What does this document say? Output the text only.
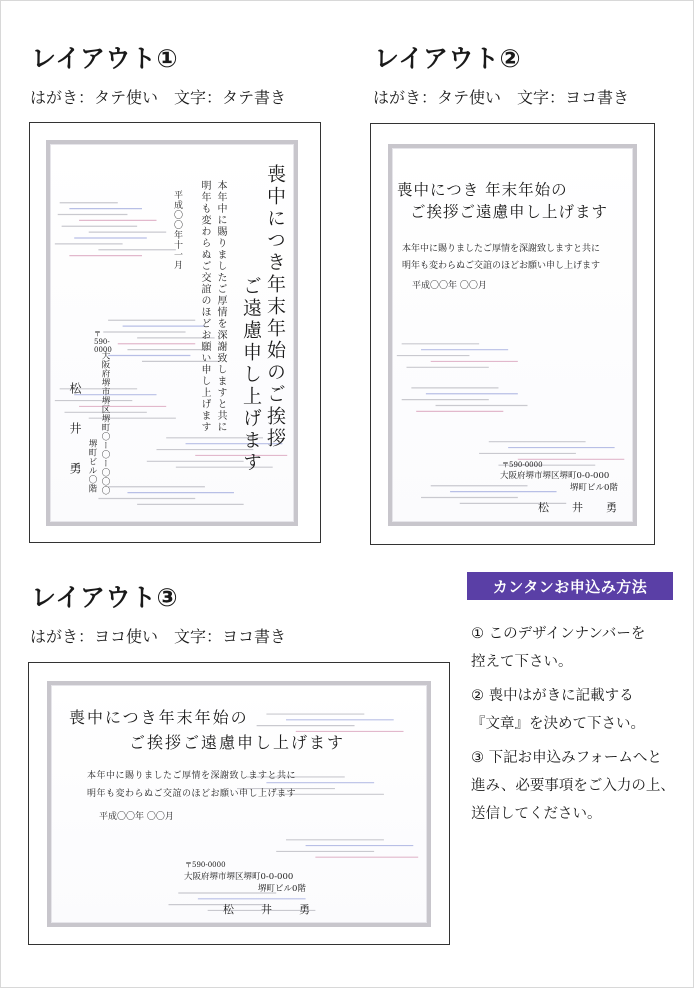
レイアウト①
はがき：タテ使い　文字：タテ書き
喪中につき年末年始のご挨拶
ご遠慮申し上げます
本年中に賜りましたご厚情を深謝致しますと共に
明年も変わらぬご交誼のほどお願い申し上げます
平成〇〇年十一月
〒590-0000
大阪府堺市堺区堺町〇ー〇ー〇〇〇
堺町ビル〇階
松　井　勇
レイアウト②
はがき：タテ使い　文字：ヨコ書き
喪中につき 年末年始の
ご挨拶ご遠慮申し上げます
本年中に賜りましたご厚情を深謝致しますと共に
明年も変わらぬご交誼のほどお願い申し上げます
平成〇〇年 〇〇月
〒590-0000
大阪府堺市堺区堺町0-0-000
堺町ビル0階
松　井　勇
レイアウト③
はがき：ヨコ使い　文字：ヨコ書き
喪中につき年末年始の
ご挨拶ご遠慮申し上げます
本年中に賜りましたご厚情を深謝致しますと共に
明年も変わらぬご交誼のほどお願い申し上げます
平成〇〇年 〇〇月
〒590-0000
大阪府堺市堺区堺町0-0-000
堺町ビル0階
松　井　勇
カンタンお申込み方法
① このデザインナンバーを
控えて下さい。
② 喪中はがきに記載する
『文章』を決めて下さい。
③ 下記お申込みフォームへと
進み、必要事項をご入力の上、
送信してください。
